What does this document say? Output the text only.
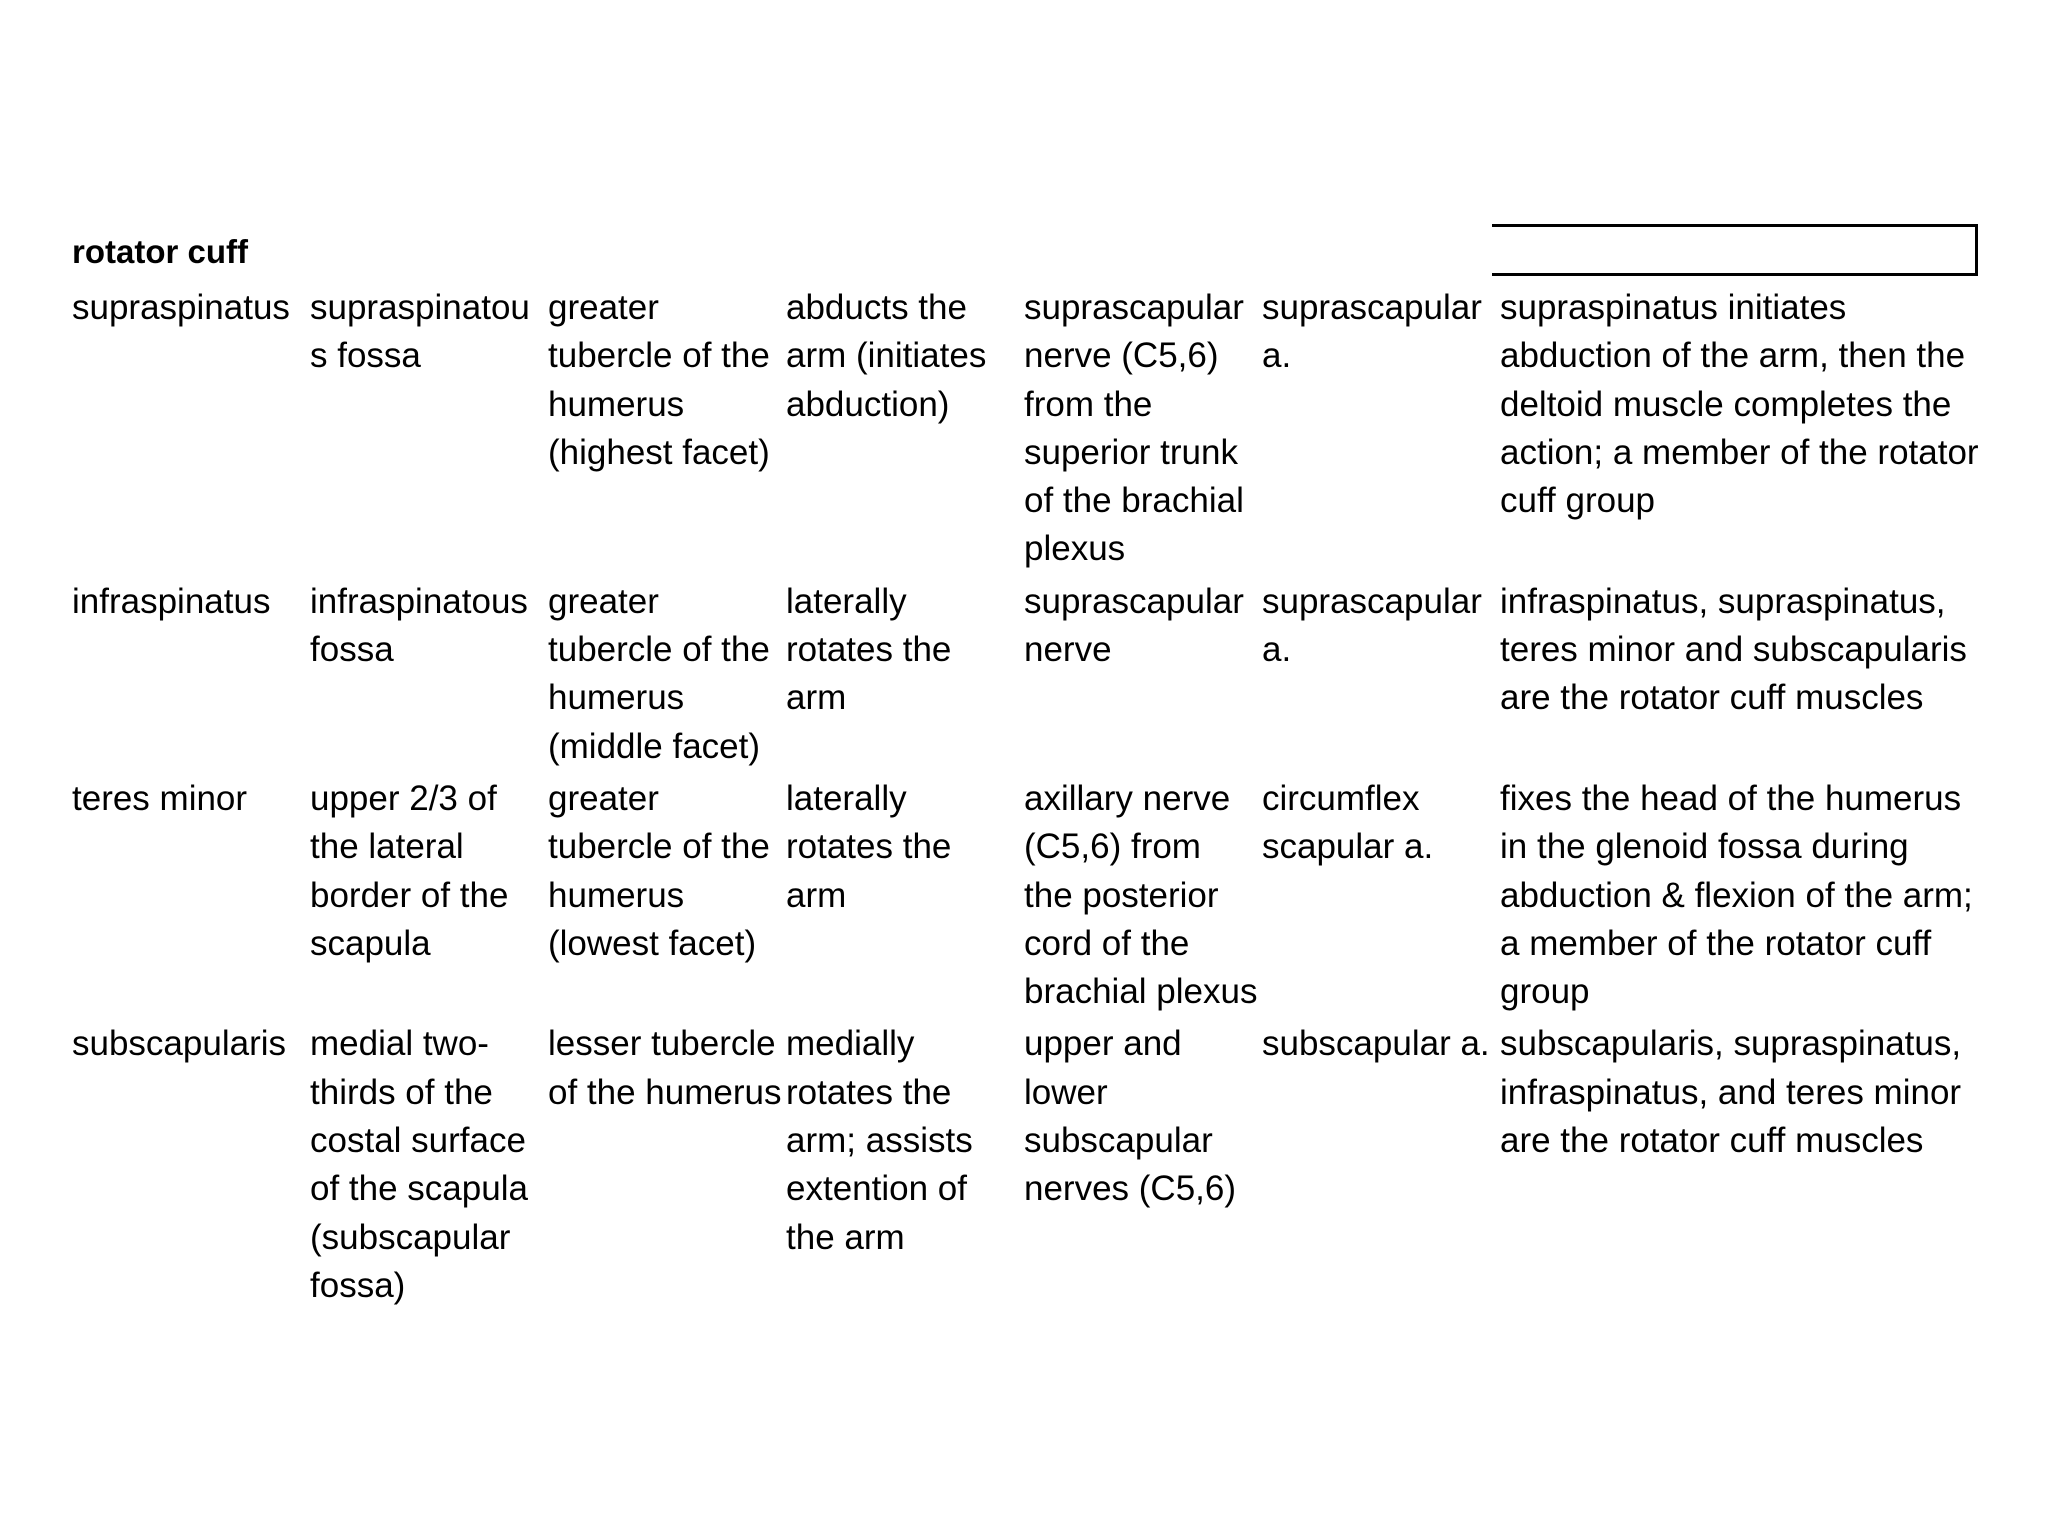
rotator cuff
supraspinatus	supraspinatous fossa	greater tubercle of the humerus (highest facet)	abducts the arm (initiates abduction)	suprascapular nerve (C5,6) from the superior trunk of the brachial plexus	suprascapular a.	supraspinatus initiates abduction of the arm, then the deltoid muscle completes the action; a member of the rotator cuff group
infraspinatus	infraspinatous fossa	greater tubercle of the humerus (middle facet)	laterally rotates the arm	suprascapular nerve	suprascapular a.	infraspinatus, supraspinatus, teres minor and subscapularis are the rotator cuff muscles
teres minor	upper 2/3 of the lateral border of the scapula	greater tubercle of the humerus (lowest facet)	laterally rotates the arm	axillary nerve (C5,6) from the posterior cord of the brachial plexus	circumflex scapular a.	fixes the head of the humerus in the glenoid fossa during abduction & flexion of the arm; a member of the rotator cuff group
subscapularis	medial two-thirds of the costal surface of the scapula (subscapular fossa)	lesser tubercle of the humerus	medially rotates the arm; assists extention of the arm	upper and lower subscapular nerves (C5,6)	subscapular a.	subscapularis, supraspinatus, infraspinatus, and teres minor are the rotator cuff muscles
